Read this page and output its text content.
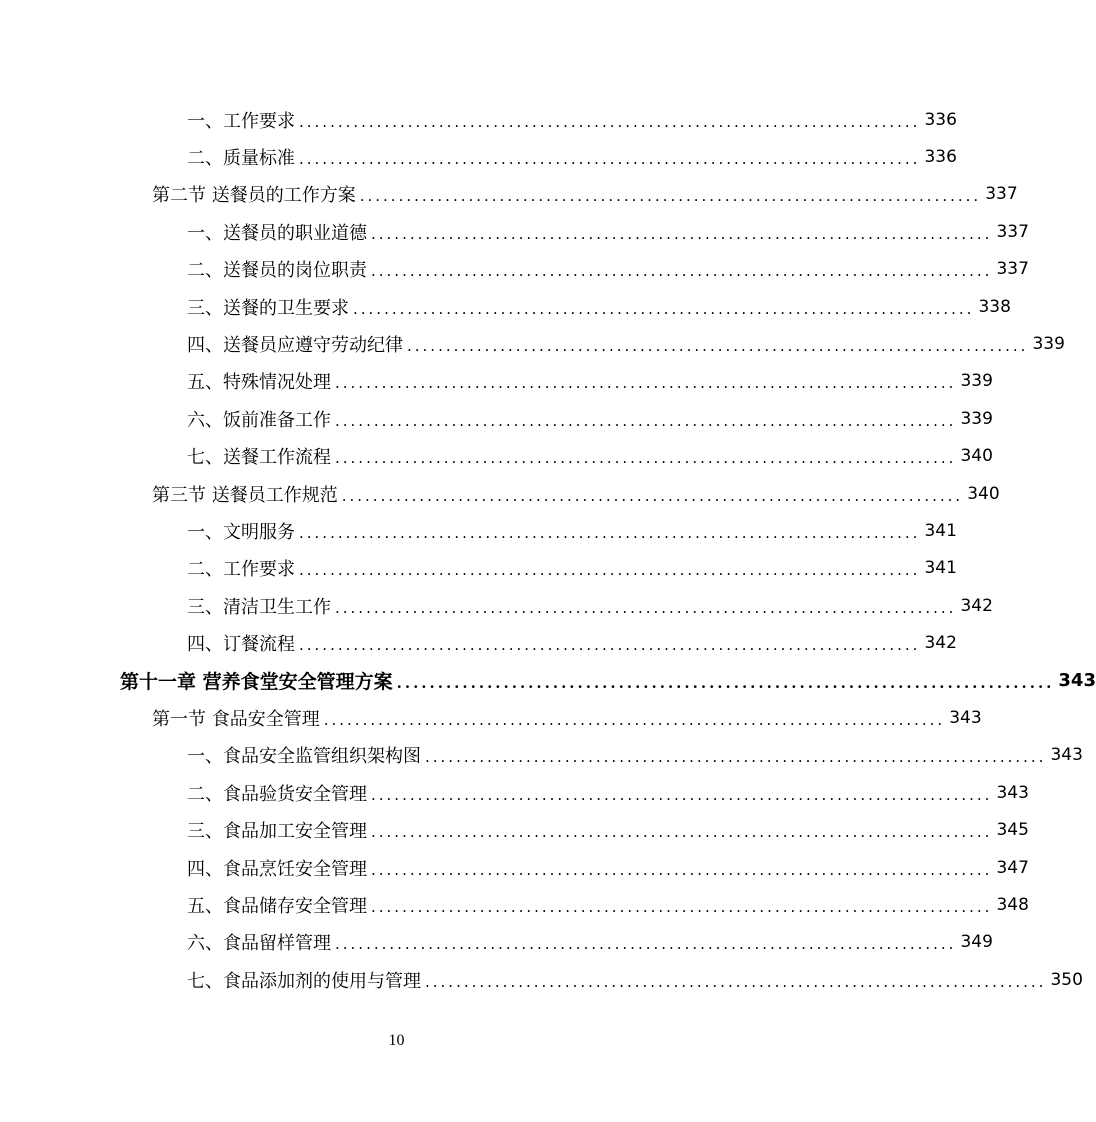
一、工作要求 ................................................................................ 336
二、质量标准 ................................................................................ 336
第二节 送餐员的工作方案 ................................................................................ 337
一、送餐员的职业道德 ................................................................................ 337
二、送餐员的岗位职责 ................................................................................ 337
三、送餐的卫生要求 ................................................................................ 338
四、送餐员应遵守劳动纪律 ................................................................................ 339
五、特殊情况处理 ................................................................................ 339
六、饭前准备工作 ................................................................................ 339
七、送餐工作流程 ................................................................................ 340
第三节 送餐员工作规范 ................................................................................ 340
一、文明服务 ................................................................................ 341
二、工作要求 ................................................................................ 341
三、清洁卫生工作 ................................................................................ 342
四、订餐流程 ................................................................................ 342
第十一章 营养食堂安全管理方案 ................................................................................ 343
第一节 食品安全管理 ................................................................................ 343
一、食品安全监管组织架构图 ................................................................................ 343
二、食品验货安全管理 ................................................................................ 343
三、食品加工安全管理 ................................................................................ 345
四、食品烹饪安全管理 ................................................................................ 347
五、食品储存安全管理 ................................................................................ 348
六、食品留样管理 ................................................................................ 349
七、食品添加剂的使用与管理 ................................................................................ 350
10
